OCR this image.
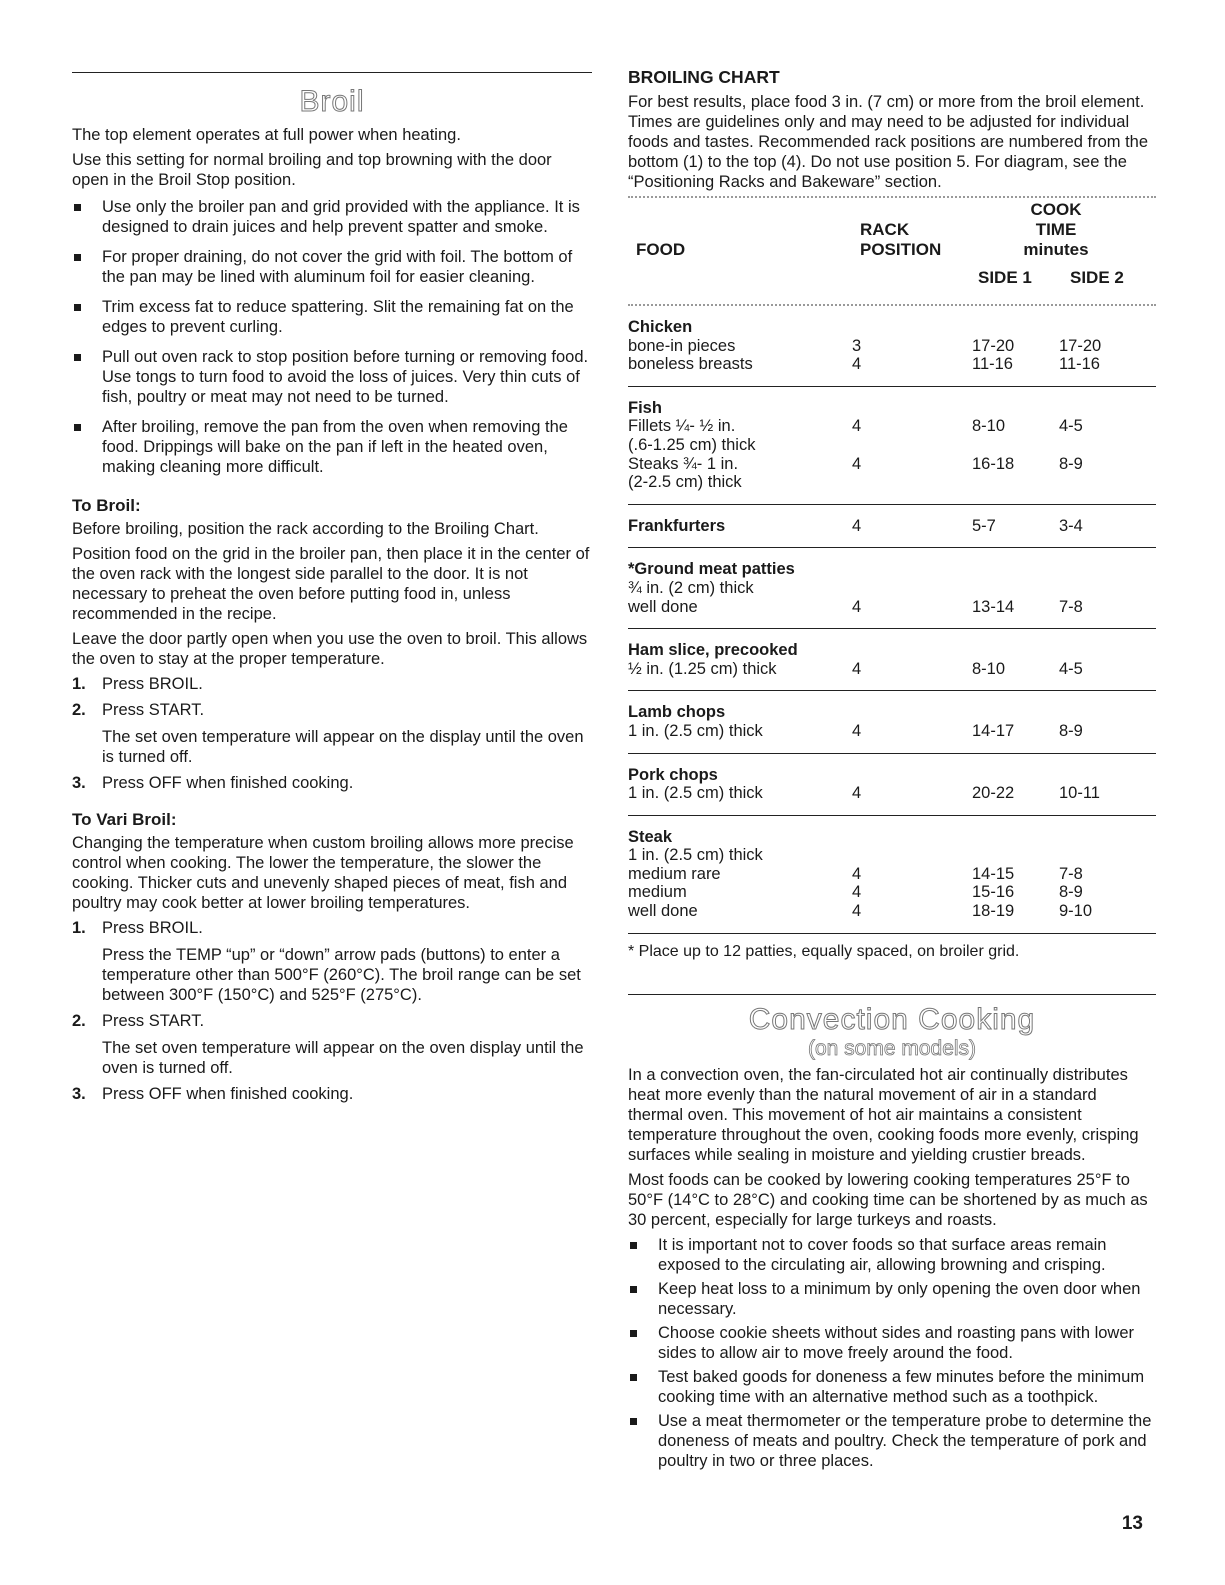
Broil

The top element operates at full power when heating.

Use this setting for normal broiling and top browning with the door open in the Broil Stop position.

Use only the broiler pan and grid provided with the appliance. It is designed to drain juices and help prevent spatter and smoke.
For proper draining, do not cover the grid with foil. The bottom of the pan may be lined with aluminum foil for easier cleaning.
Trim excess fat to reduce spattering. Slit the remaining fat on the edges to prevent curling.
Pull out oven rack to stop position before turning or removing food. Use tongs to turn food to avoid the loss of juices. Very thin cuts of fish, poultry or meat may not need to be turned.
After broiling, remove the pan from the oven when removing the food. Drippings will bake on the pan if left in the heated oven, making cleaning more difficult.
To Broil:

Before broiling, position the rack according to the Broiling Chart.

Position food on the grid in the broiler pan, then place it in the center of the oven rack with the longest side parallel to the door. It is not necessary to preheat the oven before putting food in, unless recommended in the recipe.

Leave the door partly open when you use the oven to broil. This allows the oven to stay at the proper temperature.

1. Press BROIL.
2. Press START.
The set oven temperature will appear on the display until the oven is turned off.
3. Press OFF when finished cooking.
To Vari Broil:

Changing the temperature when custom broiling allows more precise control when cooking. The lower the temperature, the slower the cooking. Thicker cuts and unevenly shaped pieces of meat, fish and poultry may cook better at lower broiling temperatures.

1. Press BROIL.
Press the TEMP “up” or “down” arrow pads (buttons) to enter a temperature other than 500°F (260°C). The broil range can be set between 300°F (150°C) and 525°F (275°C).
2. Press START.
The set oven temperature will appear on the oven display until the oven is turned off.
3. Press OFF when finished cooking.
BROILING CHART

For best results, place food 3 in. (7 cm) or more from the broil element. Times are guidelines only and may need to be adjusted for individual foods and tastes. Recommended rack positions are numbered from the bottom (1) to the top (4). Do not use position 5. For diagram, see the “Positioning Racks and Bakeware” section.

FOOD
RACK
POSITION
COOK
TIME
minutes
SIDE 1 SIDE 2
Chicken			
bone-in pieces	3	17-20	17-20
boneless breasts	4	11-16	11-16
Fish			
Fillets ¼- ½ in.	4	8-10	4-5
(.6-1.25 cm) thick			
Steaks ¾- 1 in.	4	16-18	8-9
(2-2.5 cm) thick			
Frankfurters	4	5-7	3-4
*Ground meat patties			
¾ in. (2 cm) thick			
well done	4	13-14	7-8
Ham slice, precooked			
½ in. (1.25 cm) thick	4	8-10	4-5
Lamb chops			
1 in. (2.5 cm) thick	4	14-17	8-9
Pork chops			
1 in. (2.5 cm) thick	4	20-22	10-11
Steak			
1 in. (2.5 cm) thick			
medium rare	4	14-15	7-8
medium	4	15-16	8-9
well done	4	18-19	9-10

* Place up to 12 patties, equally spaced, on broiler grid.

Convection Cooking
(on some models)

In a convection oven, the fan-circulated hot air continually distributes heat more evenly than the natural movement of air in a standard thermal oven. This movement of hot air maintains a consistent temperature throughout the oven, cooking foods more evenly, crisping surfaces while sealing in moisture and yielding crustier breads.

Most foods can be cooked by lowering cooking temperatures 25°F to 50°F (14°C to 28°C) and cooking time can be shortened by as much as 30 percent, especially for large turkeys and roasts.

It is important not to cover foods so that surface areas remain exposed to the circulating air, allowing browning and crisping.
Keep heat loss to a minimum by only opening the oven door when necessary.
Choose cookie sheets without sides and roasting pans with lower sides to allow air to move freely around the food.
Test baked goods for doneness a few minutes before the minimum cooking time with an alternative method such as a toothpick.
Use a meat thermometer or the temperature probe to determine the doneness of meats and poultry. Check the temperature of pork and poultry in two or three places.
13
